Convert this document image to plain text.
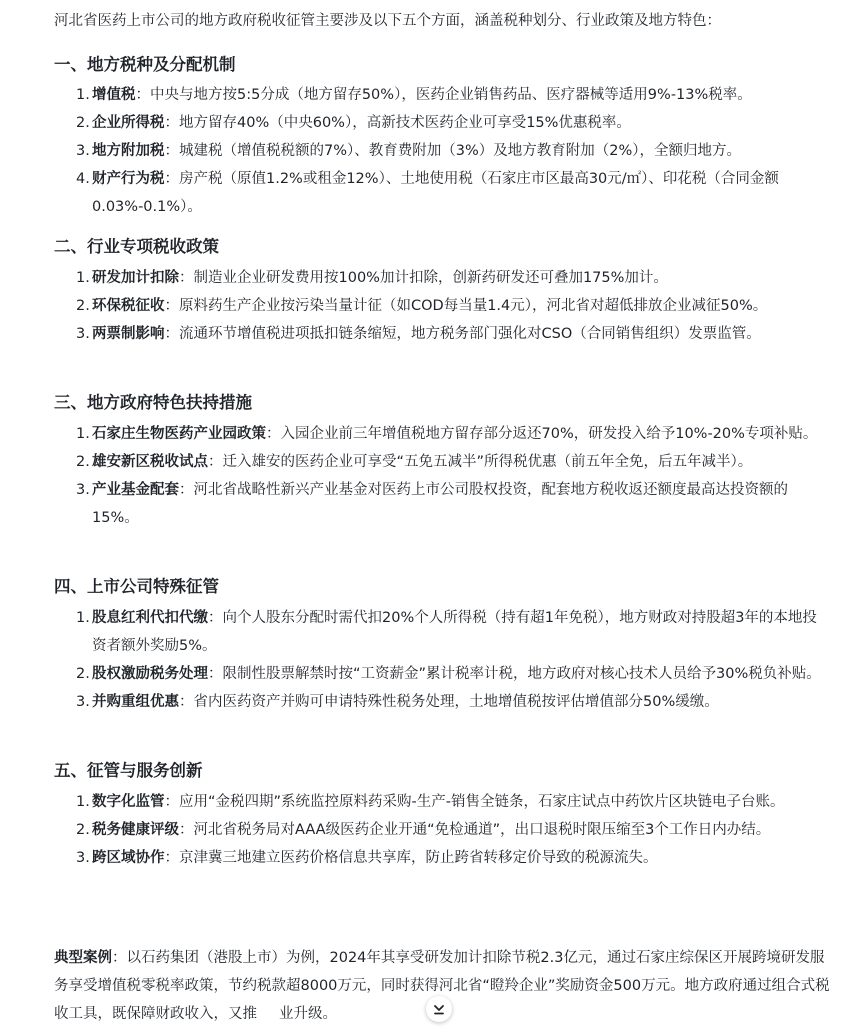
河北省医药上市公司的地方政府税收征管主要涉及以下五个方面，涵盖税种划分、行业政策及地方特色：
一、地方税种及分配机制
1. 增值税：中央与地方按5:5分成（地方留存50%），医药企业销售药品、医疗器械等适用9%-13%税率。
2. 企业所得税：地方留存40%（中央60%），高新技术医药企业可享受15%优惠税率。
3. 地方附加税：城建税（增值税税额的7%）、教育费附加（3%）及地方教育附加（2%），全额归地方。
4. 财产行为税：房产税（原值1.2%或租金12%）、土地使用税（石家庄市区最高30元/㎡）、印花税（合同金额0.03%-0.1%）。
二、行业专项税收政策
1. 研发加计扣除：制造业企业研发费用按100%加计扣除，创新药研发还可叠加175%加计。
2. 环保税征收：原料药生产企业按污染当量计征（如COD每当量1.4元），河北省对超低排放企业减征50%。
3. 两票制影响：流通环节增值税进项抵扣链条缩短，地方税务部门强化对CSO（合同销售组织）发票监管。
三、地方政府特色扶持措施
1. 石家庄生物医药产业园政策：入园企业前三年增值税地方留存部分返还70%，研发投入给予10%-20%专项补贴。
2. 雄安新区税收试点：迁入雄安的医药企业可享受“五免五减半”所得税优惠（前五年全免，后五年减半）。
3. 产业基金配套：河北省战略性新兴产业基金对医药上市公司股权投资，配套地方税收返还额度最高达投资额的15%。
四、上市公司特殊征管
1. 股息红利代扣代缴：向个人股东分配时需代扣20%个人所得税（持有超1年免税），地方财政对持股超3年的本地投资者额外奖励5%。
2. 股权激励税务处理：限制性股票解禁时按“工资薪金”累计税率计税，地方政府对核心技术人员给予30%税负补贴。
3. 并购重组优惠：省内医药资产并购可申请特殊性税务处理，土地增值税按评估增值部分50%缓缴。
五、征管与服务创新
1. 数字化监管：应用“金税四期”系统监控原料药采购-生产-销售全链条，石家庄试点中药饮片区块链电子台账。
2. 税务健康评级：河北省税务局对AAA级医药企业开通“免检通道”，出口退税时限压缩至3个工作日内办结。
3. 跨区域协作：京津冀三地建立医药价格信息共享库，防止跨省转移定价导致的税源流失。
典型案例：以石药集团（港股上市）为例，2024年其享受研发加计扣除节税2.3亿元，通过石家庄综保区开展跨境研发服务享受增值税零税率政策，节约税款超8000万元，同时获得河北省“瞪羚企业”奖励资金500万元。地方政府通过组合式税收工具，既保障财政收入，又推 业升级。
